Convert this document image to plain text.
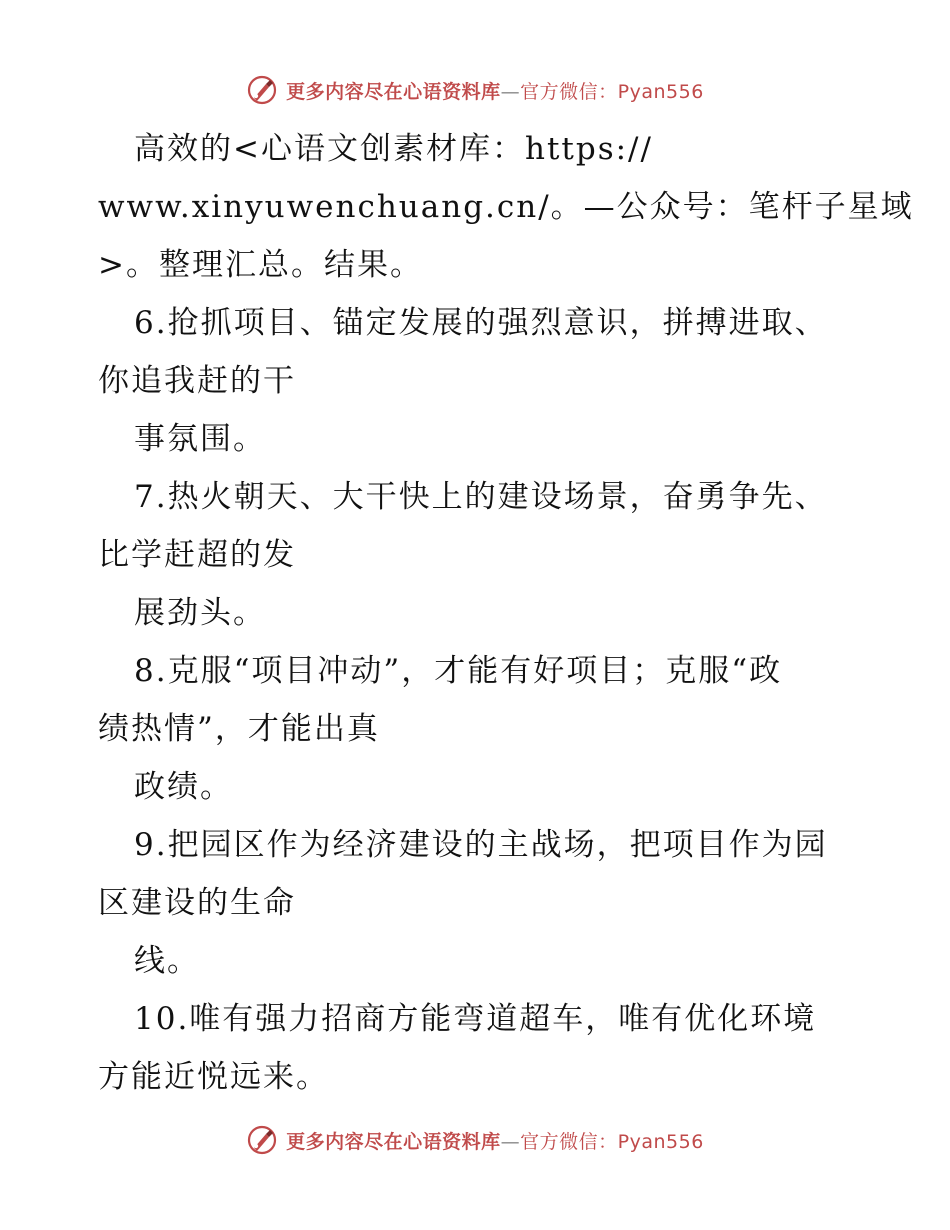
更多内容尽在心语资料库—官方微信：Pyan556
高效的<心语文创素材库：https://
www.xinyuwenchuang.cn/。—公众号：笔杆子星域
>。整理汇总。结果。
6.抢抓项目、锚定发展的强烈意识，拼搏进取、
你追我赶的干
事氛围。
7.热火朝天、大干快上的建设场景，奋勇争先、
比学赶超的发
展劲头。
8.克服“项目冲动”，才能有好项目；克服“政
绩热情”，才能出真
政绩。
9.把园区作为经济建设的主战场，把项目作为园
区建设的生命
线。
10.唯有强力招商方能弯道超车，唯有优化环境
方能近悦远来。
更多内容尽在心语资料库—官方微信：Pyan556
